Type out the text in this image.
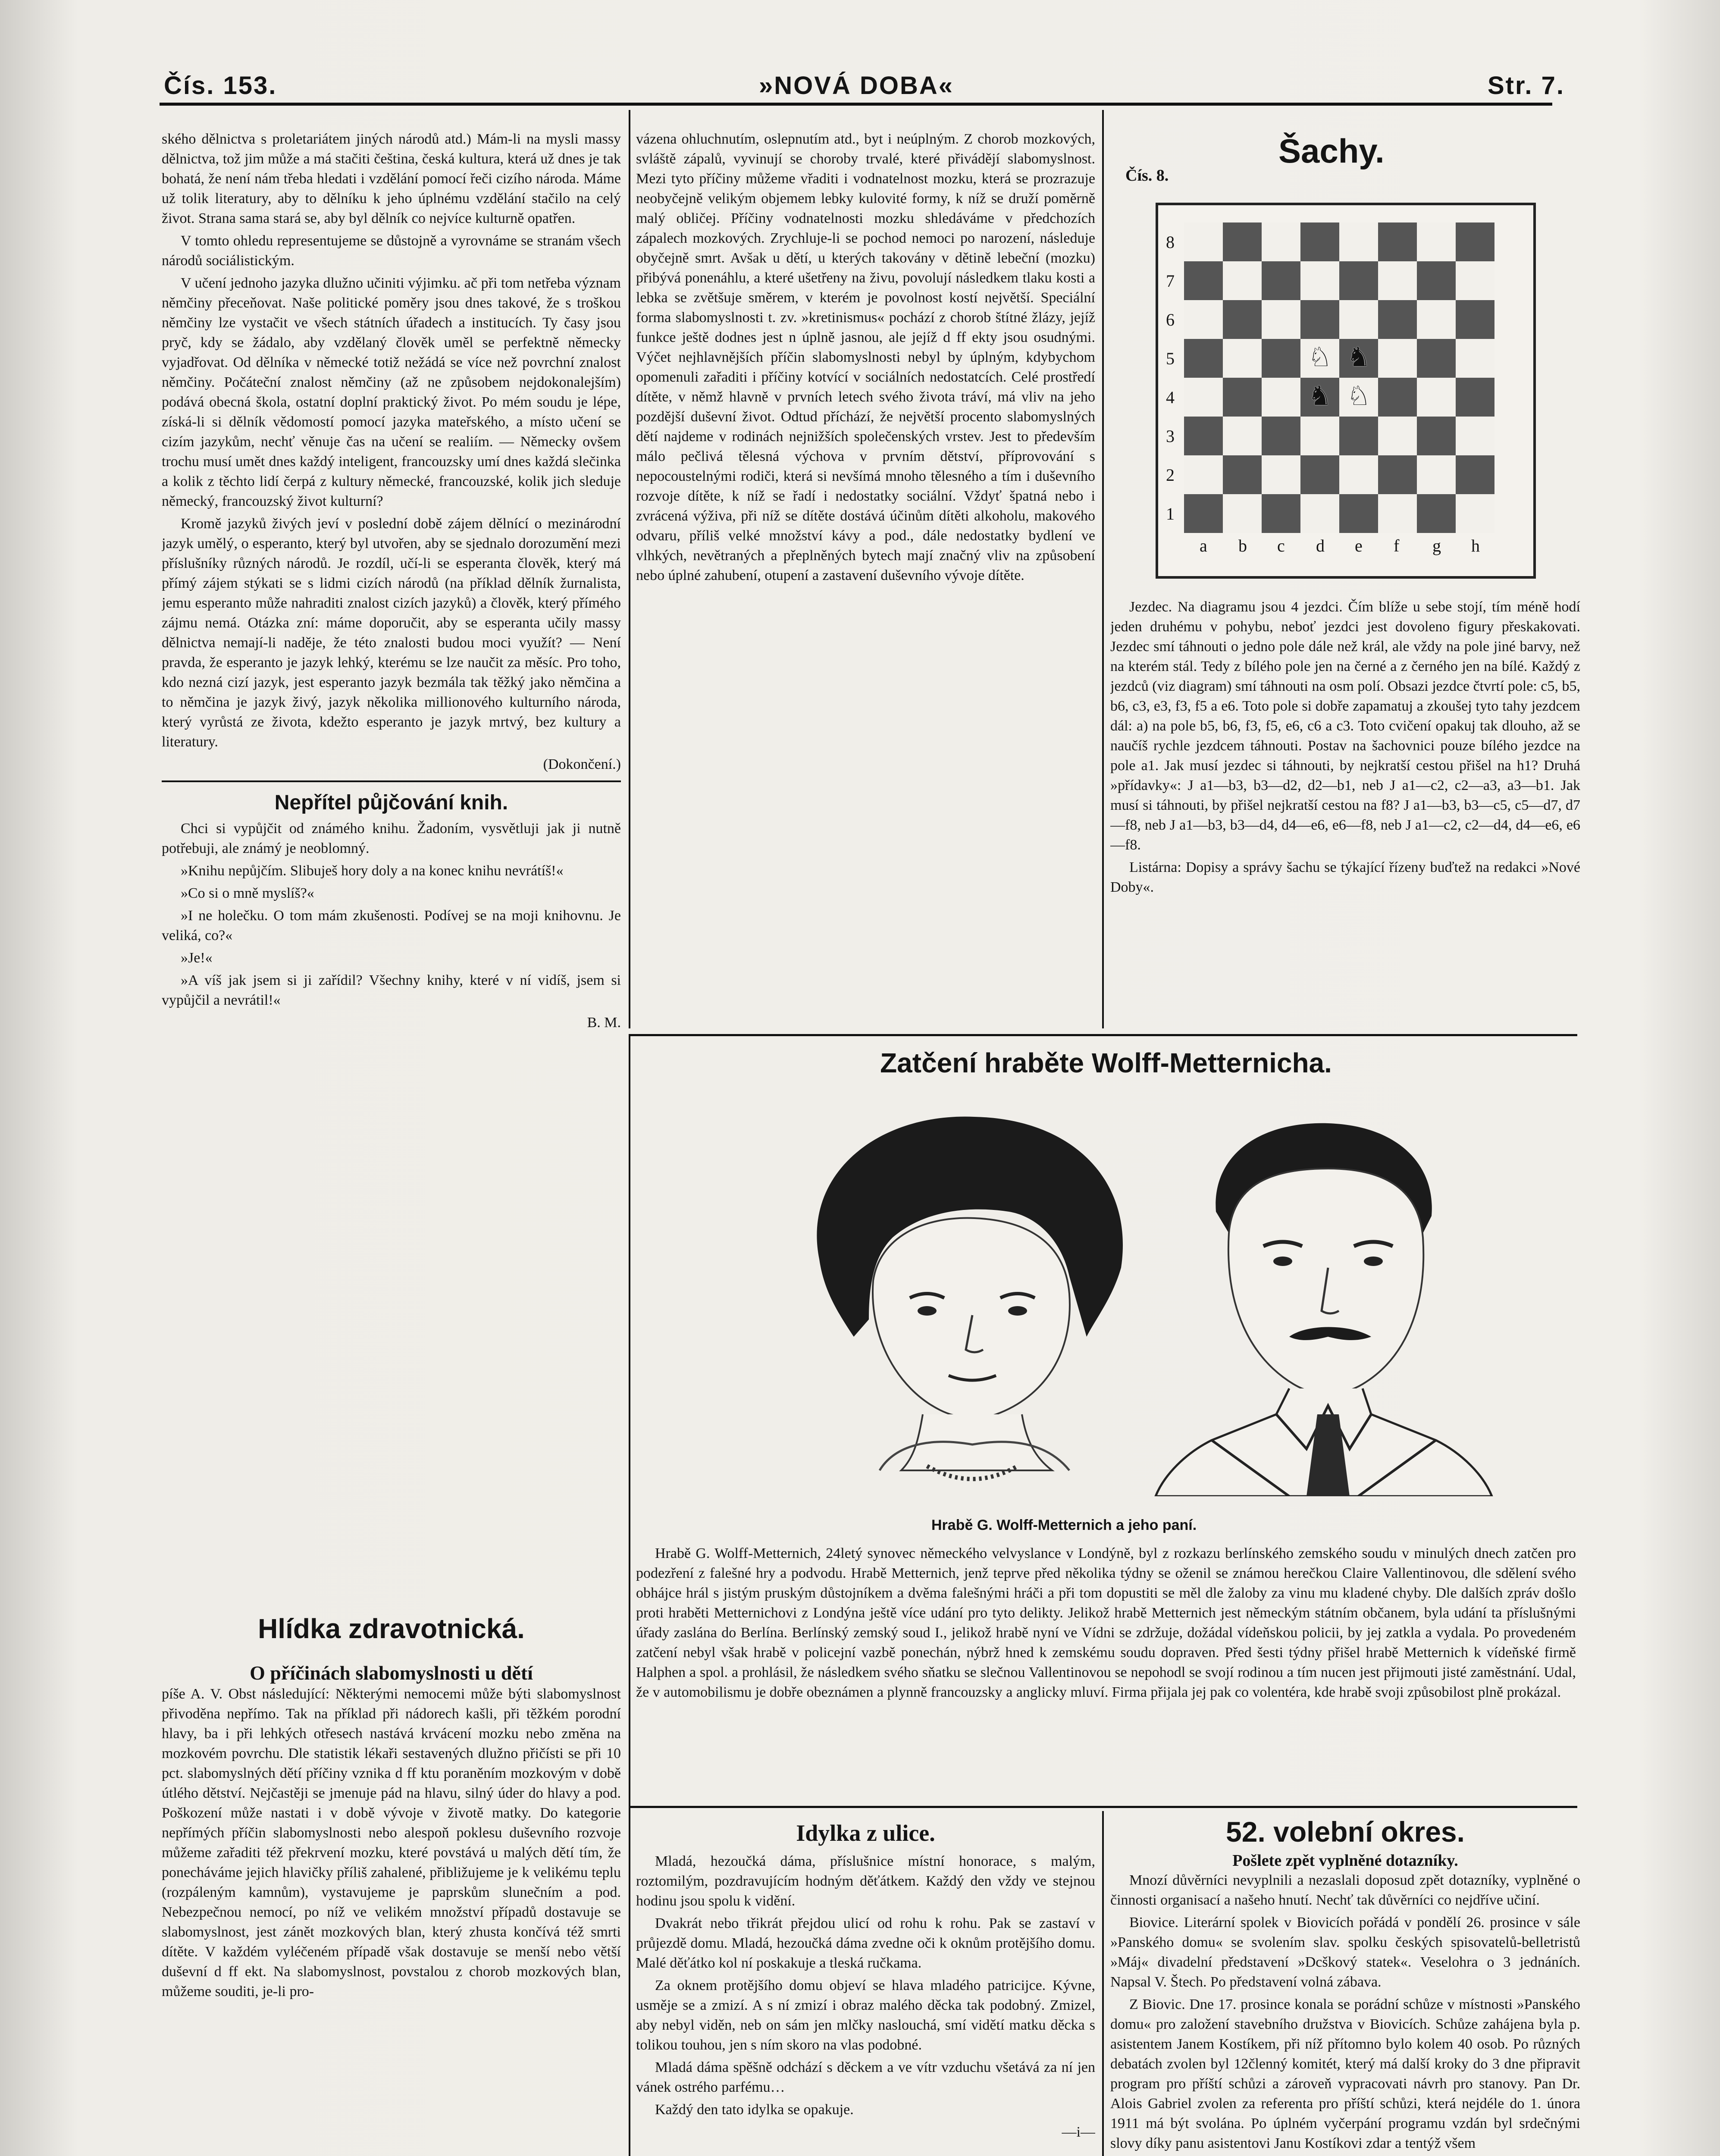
Čís. 153.	»NOVÁ DOBA«	Str. 7.

ského dělnictva s proletariátem jiných národů atd.) Mám-li na mysli massy dělnictva, tož jim může a má stačiti čeština, česká kultura, která už dnes je tak bohatá, že není nám třeba hledati i vzdělání pomocí řeči cizího národa. Máme už tolik literatury, aby to dělníku k jeho úplnému vzdělání stačilo na celý život. Strana sama stará se, aby byl dělník co nejvíce kulturně opatřen.

V tomto ohledu representujeme se důstojně a vyrovnáme se stranám všech národů sociálistickým.

V učení jednoho jazyka dlužno učiniti výjimku. ač při tom netřeba význam němčiny přeceňovat. Naše politické poměry jsou dnes takové, že s troškou němčiny lze vystačit ve všech státních úřadech a institucích. Ty časy jsou pryč, kdy se žádalo, aby vzdělaný člověk uměl se perfektně německy vyjadřovat. Od dělníka v německé totiž nežádá se více než povrchní znalost němčiny. Počáteční znalost němčiny (až ne způsobem nejdokonalejším) podává obecná škola, ostatní doplní praktický život. Po mém soudu je lépe, získá-li si dělník vědomostí pomocí jazyka mateřského, a místo učení se cizím jazykům, nechť věnuje čas na učení se realiím. — Německy ovšem trochu musí umět dnes každý inteligent, francouzsky umí dnes každá slečinka a kolik z těchto lidí čerpá z kultury německé, francouzské, kolik jich sleduje německý, francouzský život kulturní?

Kromě jazyků živých jeví v poslední době zájem dělnící o mezinárodní jazyk umělý, o esperanto, který byl utvořen, aby se sjednalo dorozumění mezi příslušníky různých národů. Je rozdíl, učí-li se esperanta člověk, který má přímý zájem stýkati se s lidmi cizích národů (na příklad dělník žurnalista, jemu esperanto může nahraditi znalost cizích jazyků) a člověk, který přímého zájmu nemá. Otázka zní: máme doporučit, aby se esperanta učily massy dělnictva nemají-li naděje, že této znalosti budou moci využít? — Není pravda, že esperanto je jazyk lehký, kterému se lze naučit za měsíc. Pro toho, kdo nezná cizí jazyk, jest esperanto jazyk bezmála tak těžký jako němčina a to němčina je jazyk živý, jazyk několika millionového kulturního národa, který vyrůstá ze života, kdežto esperanto je jazyk mrtvý, bez kultury a literatury.

(Dokončení.)
Nepřítel půjčování knih.

Chci si vypůjčit od známého knihu. Žadoním, vysvětluji jak ji nutně potřebuji, ale známý je neoblomný.

»Knihu nepůjčím. Slibuješ hory doly a na konec knihu nevrátíš!«

»Co si o mně myslíš?«

»I ne holečku. O tom mám zkušenosti. Podívej se na moji knihovnu. Je veliká, co?«

»Je!«

»A víš jak jsem si ji zařídil? Všechny knihy, které v ní vidíš, jsem si vypůjčil a nevrátil!«

B. M.
Hlídka zdravotnická.
O příčinách slabomyslnosti u dětí

píše A. V. Obst následující: Některými nemocemi může býti slabomyslnost přivoděna nepřímo. Tak na příklad při nádorech kašli, při těžkém porodní hlavy, ba i při lehkých otřesech nastává krvácení mozku nebo změna na mozkovém povrchu. Dle statistik lékaři sestavených dlužno přičísti se při 10 pct. slabomyslných dětí příčiny vznika d ff ktu poraněním mozkovým v době útlého dětství. Nejčastěji se jmenuje pád na hlavu, silný úder do hlavy a pod. Poškození může nastati i v době vývoje v životě matky. Do kategorie nepřímých příčin slabomyslnosti nebo alespoň poklesu duševního rozvoje můžeme zařaditi též překrvení mozku, které povstává u malých dětí tím, že ponecháváme jejich hlavičky příliš zahalené, přibližujeme je k velikému teplu (rozpáleným kamnům), vystavujeme je paprskům slunečním a pod. Nebezpečnou nemocí, po níž ve velikém množství případů dostavuje se slabomyslnost, jest zánět mozkových blan, který zhusta končívá též smrti dítěte. V každém vyléčeném případě však dostavuje se menší nebo větší duševní d ff ekt. Na slabomyslnost, povstalou z chorob mozkových blan, můžeme souditi, je-li pro-

vázena ohluchnutím, oslepnutím atd., byt i neúplným. Z chorob mozkových, svláště zápalů, vyvinují se choroby trvalé, které přivádějí slabomyslnost. Mezi tyto příčiny můžeme vřaditi i vodnatelnost mozku, která se prozrazuje neobyčejně velikým objemem lebky kulovité formy, k níž se druží poměrně malý obličej. Příčiny vodnatelnosti mozku shledáváme v předchozích zápalech mozkových. Zrychluje-li se pochod nemoci po narození, následuje obyčejně smrt. Avšak u dětí, u kterých takovány v dětině lebeční (mozku) přibývá ponenáhlu, a které ušetřeny na živu, povolují následkem tlaku kosti a lebka se zvětšuje směrem, v kterém je povolnost kostí největší. Speciální forma slabomyslnosti t. zv. »kretinismus« pochází z chorob štítné žlázy, jejíž funkce ještě dodnes jest n úplně jasnou, ale jejíž d ff ekty jsou osudnými. Výčet nejhlavnějších příčin slabomyslnosti nebyl by úplným, kdybychom opomenuli zařaditi i příčiny kotvící v sociálních nedostatcích. Celé prostředí dítěte, v němž hlavně v prvních letech svého života tráví, má vliv na jeho pozdější duševní život. Odtud příchází, že největší procento slabomyslných dětí najdeme v rodinách nejnižších společenských vrstev. Jest to především málo pečlivá tělesná výchova v prvním dětství, příprovování s nepocoustelnými rodiči, která si nevšímá mnoho tělesného a tím i duševního rozvoje dítěte, k níž se řadí i nedostatky sociální. Vždyť špatná nebo i zvrácená výživa, při níž se dítěte dostává účinům dítěti alkoholu, makového odvaru, příliš velké množství kávy a pod., dále nedostatky bydlení ve vlhkých, nevětraných a přeplněných bytech mají značný vliv na způsobení nebo úplné zahubení, otupení a zastavení duševního vývoje dítěte.

Čís. 8.
Šachy.
♘ ♞
♞ ♘
8
7
6
5
4
3
2
1
a b c d e f g h

Jezdec. Na diagramu jsou 4 jezdci. Čím blíže u sebe stojí, tím méně hodí jeden druhému v pohybu, neboť jezdci jest dovoleno figury přeskakovati. Jezdec smí táhnouti o jedno pole dále než král, ale vždy na pole jiné barvy, než na kterém stál. Tedy z bílého pole jen na černé a z černého jen na bílé. Každý z jezdců (viz diagram) smí táhnouti na osm polí. Obsazi jezdce čtvrtí pole: c5, b5, b6, c3, e3, f3, f5 a e6. Toto pole si dobře zapamatuj a zkoušej tyto tahy jezdcem dál: a) na pole b5, b6, f3, f5, e6, c6 a c3. Toto cvičení opakuj tak dlouho, až se naučíš rychle jezdcem táhnouti. Postav na šachovnici pouze bílého jezdce na pole a1. Jak musí jezdec si táhnouti, by nejkratší cestou přišel na h1? Druhá »přídavky«: J a1—b3, b3—d2, d2—b1, neb J a1—c2, c2—a3, a3—b1. Jak musí si táhnouti, by přišel nejkratší cestou na f8? J a1—b3, b3—c5, c5—d7, d7—f8, neb J a1—b3, b3—d4, d4—e6, e6—f8, neb J a1—c2, c2—d4, d4—e6, e6—f8.

Listárna: Dopisy a správy šachu se týkající řízeny buďtež na redakci »Nové Doby«.

Zatčení hraběte Wolff-Metternicha.
Hrabě G. Wolff-Metternich a jeho paní.

Hrabě G. Wolff-Metternich, 24letý synovec německého velvyslance v Londýně, byl z rozkazu berlínského zemského soudu v minulých dnech zatčen pro podezření z falešné hry a podvodu. Hrabě Metternich, jenž teprve před několika týdny se oženil se známou herečkou Claire Vallentinovou, dle sdělení svého obhájce hrál s jistým pruským důstojníkem a dvěma falešnými hráči a při tom dopustiti se měl dle žaloby za vinu mu kladené chyby. Dle dalších zpráv došlo proti hraběti Metternichovi z Londýna ještě více udání pro tyto delikty. Jelikož hrabě Metternich jest německým státním občanem, byla udání ta příslušnými úřady zaslána do Berlína. Berlínský zemský soud I., jelikož hrabě nyní ve Vídni se zdržuje, dožádal vídeňskou policii, by jej zatkla a vydala. Po provedeném zatčení nebyl však hrabě v policejní vazbě ponechán, nýbrž hned k zemskému soudu dopraven. Před šesti týdny přišel hrabě Metternich k vídeňské firmě Halphen a spol. a prohlásil, že následkem svého sňatku se slečnou Vallentinovou se nepohodl se svojí rodinou a tím nucen jest přijmouti jisté zaměstnání. Udal, že v automobilismu je dobře obeznámen a plynně francouzsky a anglicky mluví. Firma přijala jej pak co volentéra, kde hrabě svoji způsobilost plně prokázal.

Idylka z ulice.

Mladá, hezoučká dáma, příslušnice místní honorace, s malým, roztomilým, pozdravujícím hodným děťátkem. Každý den vždy ve stejnou hodinu jsou spolu k vidění.

Dvakrát nebo třikrát přejdou ulicí od rohu k rohu. Pak se zastaví v průjezdě domu. Mladá, hezoučká dáma zvedne oči k oknům protějšího domu. Malé děťátko kol ní poskakuje a tleská ručkama.

Za oknem protějšího domu objeví se hlava mladého patricijce. Kývne, usměje se a zmizí. A s ní zmizí i obraz malého děcka tak podobný. Zmizel, aby nebyl viděn, neb on sám jen mlčky naslouchá, smí vidětí matku děcka s tolikou touhou, jen s ním skoro na vlas podobné.

Mladá dáma spěšně odchází s děckem a ve vítr vzduchu všetává za ní jen vánek ostrého parfému…

Každý den tato idylka se opakuje.

—i—

52. volební okres.
Pošlete zpět vyplněné dotazníky.

Mnozí důvěrníci nevyplnili a nezaslali doposud zpět dotazníky, vyplněné o činnosti organisací a našeho hnutí. Nechť tak důvěrníci co nejdříve učiní.

Biovice. Literární spolek v Biovicích pořádá v pondělí 26. prosince v sále »Panského domu« se svolením slav. spolku českých spisovatelů-belletristů »Máj« divadelní představení »Dcškový statek«. Veselohra o 3 jednáních. Napsal V. Štech. Po představení volná zábava.

Z Biovic. Dne 17. prosince konala se porádní schůze v místnosti »Panského domu« pro založení stavebního družstva v Biovicích. Schůze zahájena byla p. asistentem Janem Kostíkem, při níž přítomno bylo kolem 40 osob. Po různých debatách zvolen byl 12členný komitét, který má další kroky do 3 dne připravit program pro příští schůzi a zároveň vypracovati návrh pro stanovy. Pan Dr. Alois Gabriel zvolen za referenta pro příští schůzi, která nejdéle do 1. února 1911 má být svolána. Po úplném vyčerpání programu vzdán byl srdečnými slovy díky panu asistentovi Janu Kostíkovi zdar a tentýž všem
